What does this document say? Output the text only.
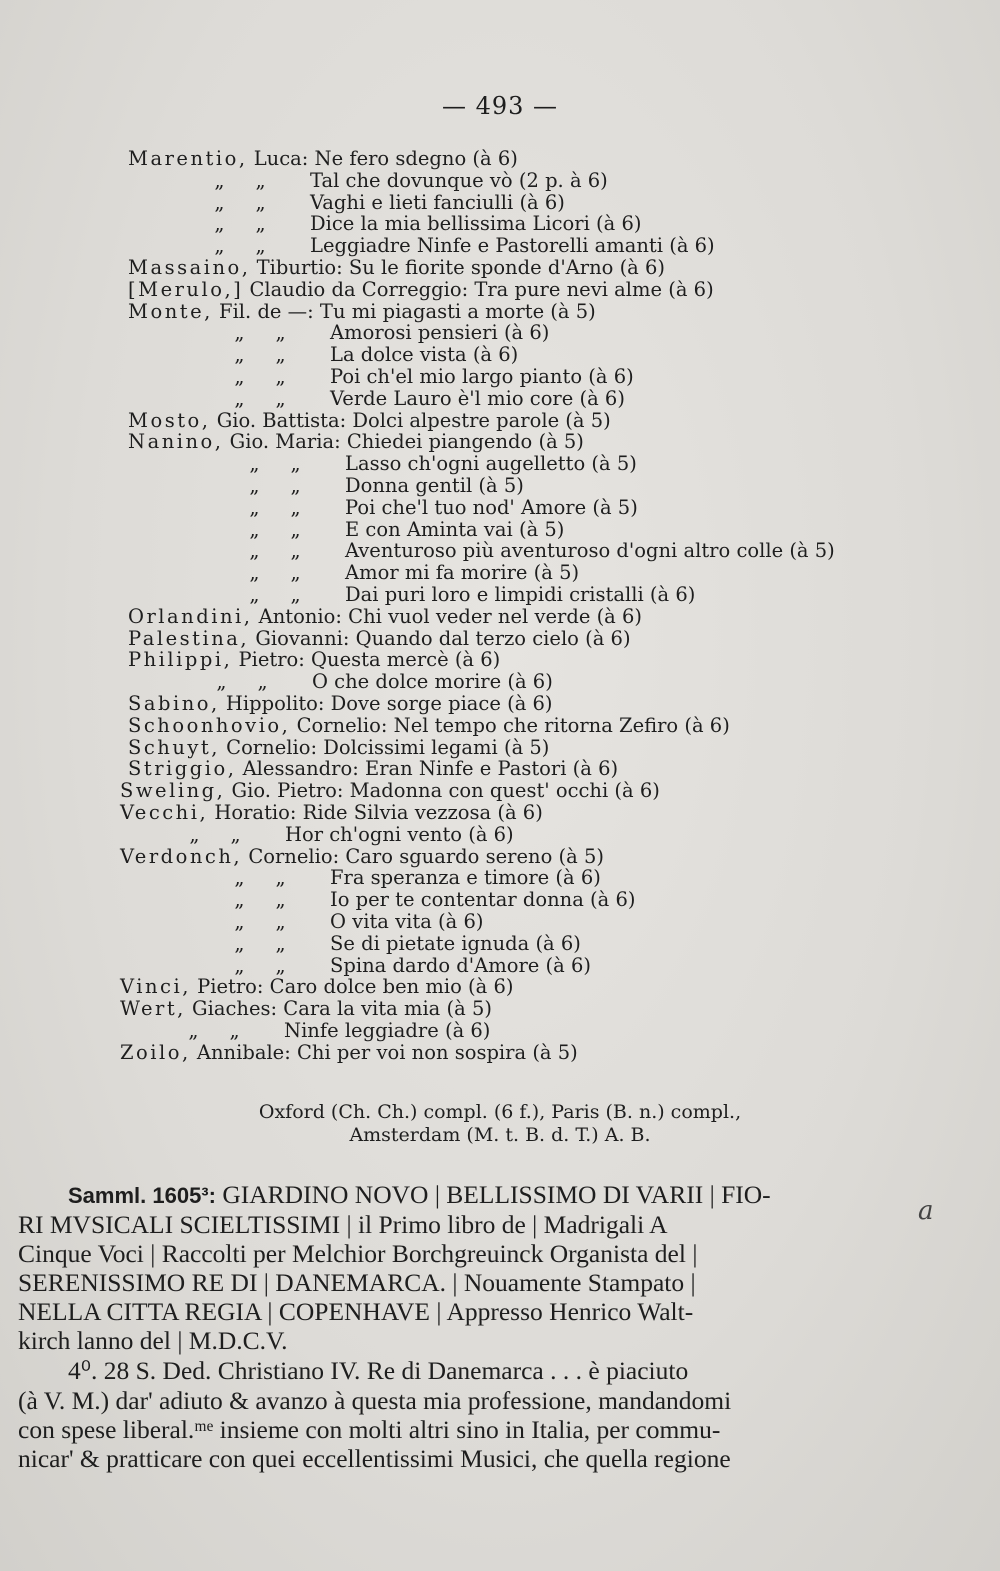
— 493 —
Marentio, Luca: Ne fero sdegno (à 6)
„     „ Tal che dovunque vò (2 p. à 6)
„     „ Vaghi e lieti fanciulli (à 6)
„     „ Dice la mia bellissima Licori (à 6)
„     „ Leggiadre Ninfe e Pastorelli amanti (à 6)
Massaino, Tiburtio: Su le fiorite sponde d'Arno (à 6)
[Merulo,] Claudio da Correggio: Tra pure nevi alme (à 6)
Monte, Fil. de —: Tu mi piagasti a morte (à 5)
„     „ Amorosi pensieri (à 6)
„     „ La dolce vista (à 6)
„     „ Poi ch'el mio largo pianto (à 6)
„     „ Verde Lauro è'l mio core (à 6)
Mosto, Gio. Battista: Dolci alpestre parole (à 5)
Nanino, Gio. Maria: Chiedei piangendo (à 5)
„     „ Lasso ch'ogni augelletto (à 5)
„     „ Donna gentil (à 5)
„     „ Poi che'l tuo nod' Amore (à 5)
„     „ E con Aminta vai (à 5)
„     „ Aventuroso più aventuroso d'ogni altro colle (à 5)
„     „ Amor mi fa morire (à 5)
„     „ Dai puri loro e limpidi cristalli (à 6)
Orlandini, Antonio: Chi vuol veder nel verde (à 6)
Palestina, Giovanni: Quando dal terzo cielo (à 6)
Philippi, Pietro: Questa mercè (à 6)
„     „ O che dolce morire (à 6)
Sabino, Hippolito: Dove sorge piace (à 6)
Schoonhovio, Cornelio: Nel tempo che ritorna Zefiro (à 6)
Schuyt, Cornelio: Dolcissimi legami (à 5)
Striggio, Alessandro: Eran Ninfe e Pastori (à 6)
Sweling, Gio. Pietro: Madonna con quest' occhi (à 6)
Vecchi, Horatio: Ride Silvia vezzosa (à 6)
„     „ Hor ch'ogni vento (à 6)
Verdonch, Cornelio: Caro sguardo sereno (à 5)
„     „ Fra speranza e timore (à 6)
„     „ Io per te contentar donna (à 6)
„     „ O vita vita (à 6)
„     „ Se di pietate ignuda (à 6)
„     „ Spina dardo d'Amore (à 6)
Vinci, Pietro: Caro dolce ben mio (à 6)
Wert, Giaches: Cara la vita mia (à 5)
„     „ Ninfe leggiadre (à 6)
Zoilo, Annibale: Chi per voi non sospira (à 5)
Oxford (Ch. Ch.) compl. (6 f.), Paris (B. n.) compl.,
Amsterdam (M. t. B. d. T.) A. B.
Samml. 1605³: GIARDINO NOVO | BELLISSIMO DI VARII | FIO-
RI MVSICALI SCIELTISSIMI | il Primo libro de | Madrigali A
Cinque Voci | Raccolti per Melchior Borchgreuinck Organista del |
SERENISSIMO RE DI | DANEMARCA. | Nouamente Stampato |
NELLA CITTA REGIA | COPENHAVE | Appresso Henrico Walt-
kirch lanno del | M.D.C.V.
4⁰. 28 S. Ded. Christiano IV. Re di Danemarca . . . è piaciuto
(à V. M.) dar' adiuto & avanzo à questa mia professione, mandandomi
con spese liberal.ᵐᵉ insieme con molti altri sino in Italia, per commu-
nicar' & pratticare con quei eccellentissimi Musici, che quella regione
a
